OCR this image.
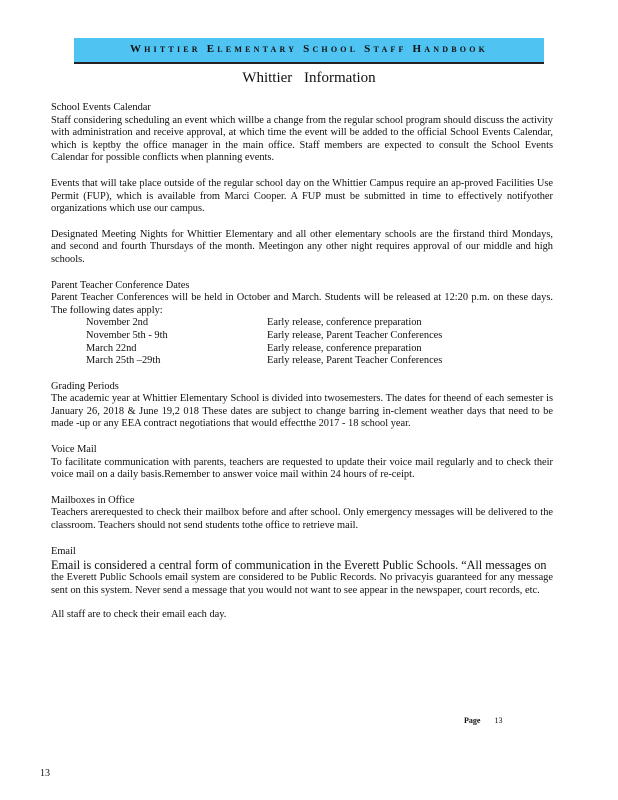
Whittier Elementary School Staff Handbook
Whittier Information
School Events Calendar

Staff considering scheduling an event which willbe a change from the regular school program should discuss the activity with administration and receive approval, at which time the event will be added to the official School Events Calendar, which is keptby the office manager in the main office. Staff members are expected to consult the School Events Calendar for possible conflicts when planning events.

Events that will take place outside of the regular school day on the Whittier Campus require an ap-proved Facilities Use Permit (FUP), which is available from Marci Cooper. A FUP must be submitted in time to effectively notifyother organizations which use our campus.

Designated Meeting Nights for Whittier Elementary and all other elementary schools are the firstand third Mondays, and second and fourth Thursdays of the month. Meetingon any other night requires approval of our middle and high schools.

Parent Teacher Conference Dates

Parent Teacher Conferences will be held in October and March. Students will be released at 12:20 p.m. on these days. The following dates apply:

November 2nd	Early release, conference preparation
November 5th - 9th	Early release, Parent Teacher Conferences
March 22nd	Early release, conference preparation
March 25th –29th	Early release, Parent Teacher Conferences
Grading Periods

The academic year at Whittier Elementary School is divided into twosemesters. The dates for theend of each semester is January 26, 2018 & June 19,2 018 These dates are subject to change barring in-clement weather days that need to be made -up or any EEA contract negotiations that would effectthe 2017 - 18 school year.

Voice Mail

To facilitate communication with parents, teachers are requested to update their voice mail regularly and to check their voice mail on a daily basis.Remember to answer voice mail within 24 hours of re-ceipt.

Mailboxes in Office

Teachers arerequested to check their mailbox before and after school. Only emergency messages will be delivered to the classroom. Teachers should not send students tothe office to retrieve mail.

Email

Email is considered a central form of communication in the Everett Public Schools. “All messages on

the Everett Public Schools email system are considered to be Public Records. No privacyis guaranteed for any message sent on this system. Never send a message that you would not want to see appear in the newspaper, court records, etc.

All staff are to check their email each day.

Page 13
13
